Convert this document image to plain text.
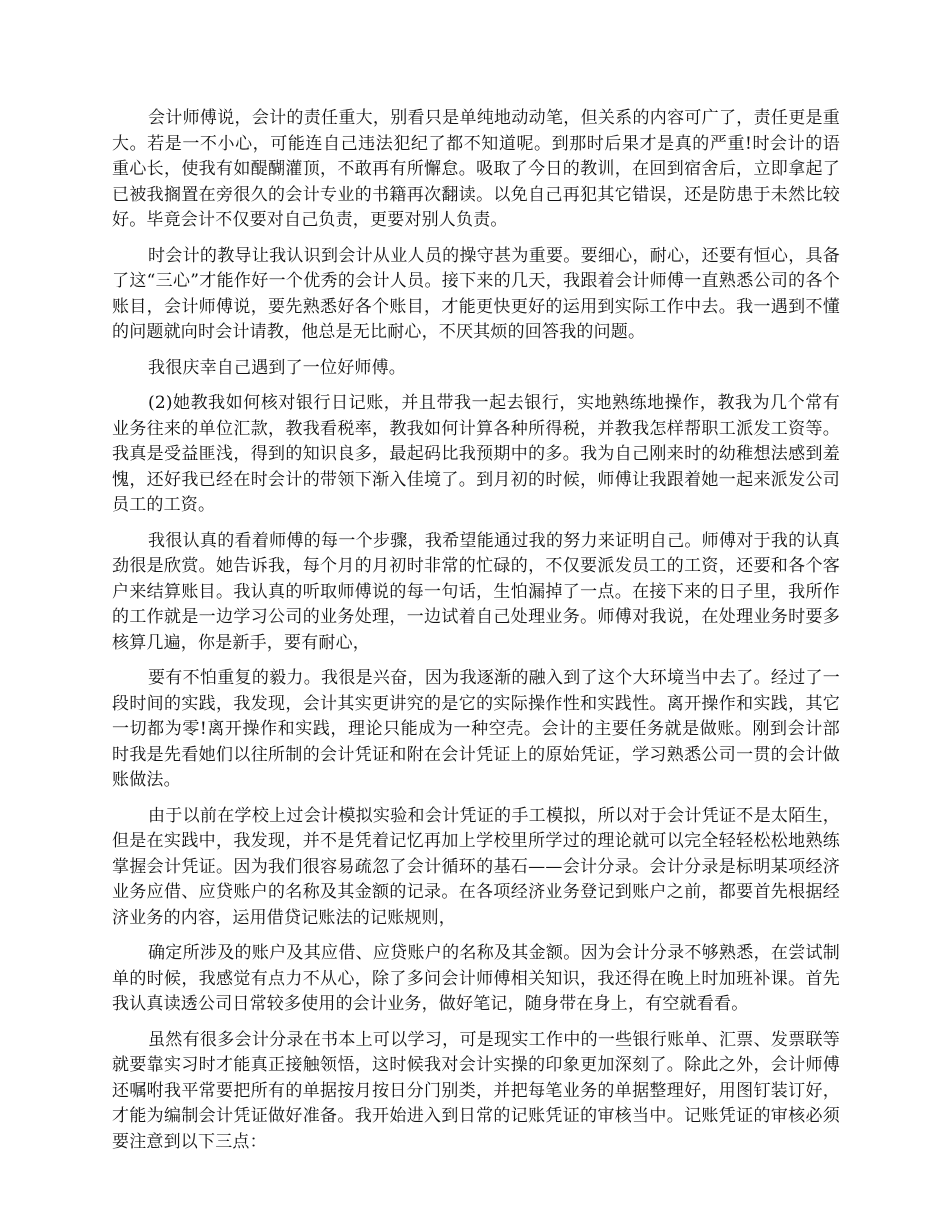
会计师傅说，会计的责任重大，别看只是单纯地动动笔，但关系的内容可广了，责任更是重大。若是一不小心，可能连自己违法犯纪了都不知道呢。到那时后果才是真的严重!时会计的语重心长，使我有如醍醐灌顶，不敢再有所懈怠。吸取了今日的教训，在回到宿舍后，立即拿起了已被我搁置在旁很久的会计专业的书籍再次翻读。以免自己再犯其它错误，还是防患于未然比较好。毕竟会计不仅要对自己负责，更要对别人负责。

时会计的教导让我认识到会计从业人员的操守甚为重要。要细心，耐心，还要有恒心，具备了这“三心”才能作好一个优秀的会计人员。接下来的几天，我跟着会计师傅一直熟悉公司的各个账目，会计师傅说，要先熟悉好各个账目，才能更快更好的运用到实际工作中去。我一遇到不懂的问题就向时会计请教，他总是无比耐心，不厌其烦的回答我的问题。

我很庆幸自己遇到了一位好师傅。

(2)她教我如何核对银行日记账，并且带我一起去银行，实地熟练地操作，教我为几个常有业务往来的单位汇款，教我看税率，教我如何计算各种所得税，并教我怎样帮职工派发工资等。我真是受益匪浅，得到的知识良多，最起码比我预期中的多。我为自己刚来时的幼稚想法感到羞愧，还好我已经在时会计的带领下渐入佳境了。到月初的时候，师傅让我跟着她一起来派发公司员工的工资。

我很认真的看着师傅的每一个步骤，我希望能通过我的努力来证明自己。师傅对于我的认真劲很是欣赏。她告诉我，每个月的月初时非常的忙碌的，不仅要派发员工的工资，还要和各个客户来结算账目。我认真的听取师傅说的每一句话，生怕漏掉了一点。在接下来的日子里，我所作的工作就是一边学习公司的业务处理，一边试着自己处理业务。师傅对我说，在处理业务时要多核算几遍，你是新手，要有耐心，

要有不怕重复的毅力。我很是兴奋，因为我逐渐的融入到了这个大环境当中去了。经过了一段时间的实践，我发现，会计其实更讲究的是它的实际操作性和实践性。离开操作和实践，其它一切都为零!离开操作和实践，理论只能成为一种空壳。会计的主要任务就是做账。刚到会计部时我是先看她们以往所制的会计凭证和附在会计凭证上的原始凭证，学习熟悉公司一贯的会计做账做法。

由于以前在学校上过会计模拟实验和会计凭证的手工模拟，所以对于会计凭证不是太陌生，但是在实践中，我发现，并不是凭着记忆再加上学校里所学过的理论就可以完全轻轻松松地熟练掌握会计凭证。因为我们很容易疏忽了会计循环的基石——会计分录。会计分录是标明某项经济业务应借、应贷账户的名称及其金额的记录。在各项经济业务登记到账户之前，都要首先根据经济业务的内容，运用借贷记账法的记账规则，

确定所涉及的账户及其应借、应贷账户的名称及其金额。因为会计分录不够熟悉，在尝试制单的时候，我感觉有点力不从心，除了多问会计师傅相关知识，我还得在晚上时加班补课。首先我认真读透公司日常较多使用的会计业务，做好笔记，随身带在身上，有空就看看。

虽然有很多会计分录在书本上可以学习，可是现实工作中的一些银行账单、汇票、发票联等就要靠实习时才能真正接触领悟，这时候我对会计实操的印象更加深刻了。除此之外，会计师傅还嘱咐我平常要把所有的单据按月按日分门别类，并把每笔业务的单据整理好，用图钉装订好，才能为编制会计凭证做好准备。我开始进入到日常的记账凭证的审核当中。记账凭证的审核必须要注意到以下三点：
